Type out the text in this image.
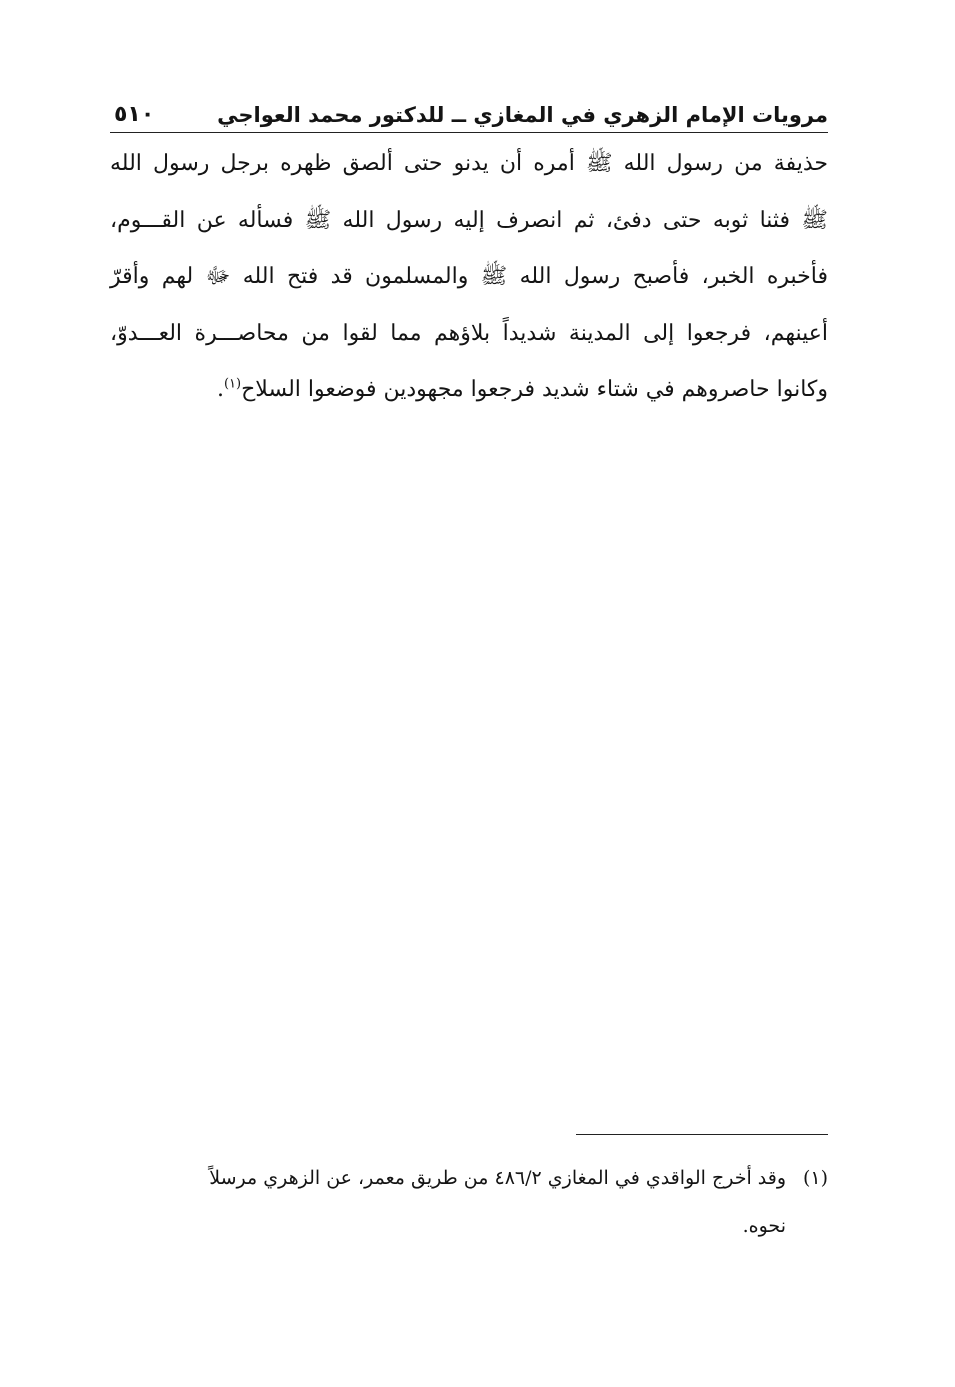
مرويات الإمام الزهري في المغازي ــ للدكتور محمد العواجي
٥١٠
حذيفة من رسول الله ﷺ أمره أن يدنو حتى ألصق ظهره برجل رسول الله
ﷺ فثنا ثوبه حتى دفئ، ثم انصرف إليه رسول الله ﷺ فسأله عن القـــوم،
فأخبره الخبر، فأصبح رسول الله ﷺ والمسلمون قد فتح الله ﷻ لهم وأقرّ
أعينهم، فرجعوا إلى المدينة شديداً بلاؤهم مما لقوا من محاصـــرة العـــدوّ،
وكانوا حاصروهم في شتاء شديد فرجعوا مجهودين فوضعوا السلاح$^{(١)}$.
(١)وقد أخرج الواقدي في المغازي ٤٨٦/٢ من طريق معمر، عن الزهري مرسلاً
نحوه.
